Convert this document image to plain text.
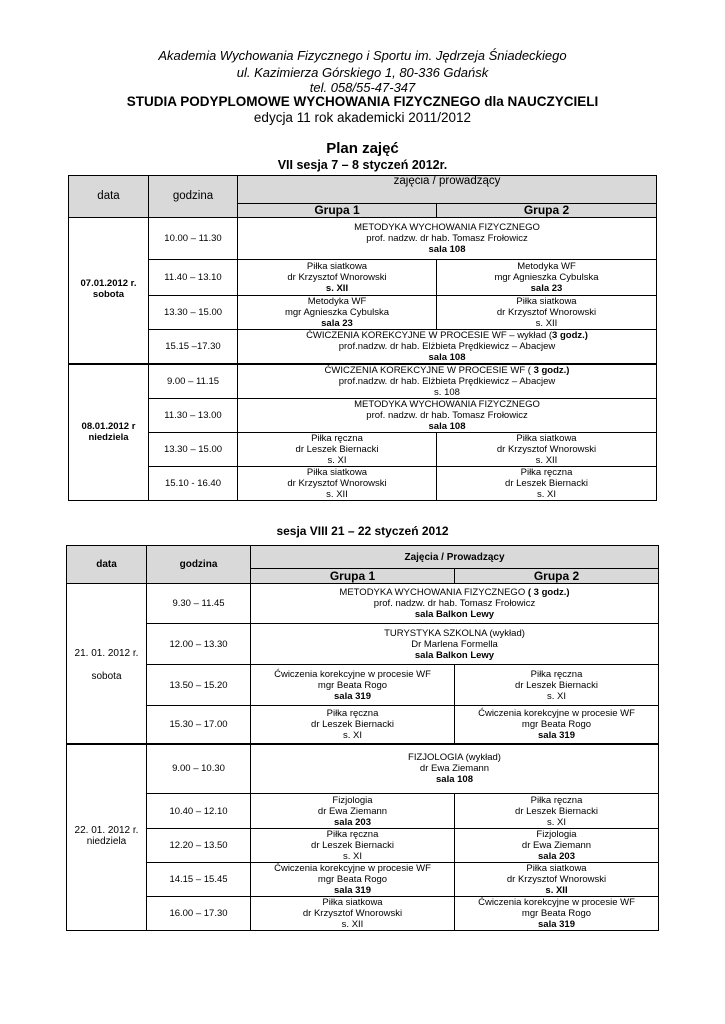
Akademia Wychowania Fizycznego i Sportu im. Jędrzeja Śniadeckiego
ul. Kazimierza Górskiego 1, 80-336 Gdańsk
tel. 058/55-47-347
STUDIA PODYPLOMOWE WYCHOWANIA FIZYCZNEGO dla NAUCZYCIELI
edycja 11 rok akademicki 2011/2012
Plan zajęć
VII sesja 7 – 8 styczeń 2012r.
data	godzina	zajęcia / prowadzący	
		Grupa 1	Grupa 2

07.01.2012 r.
sobota	10.00 – 11.30	METODYKA WYCHOWANIA FIZYCZNEGO
prof. nadzw. dr hab. Tomasz Frołowicz
sala 108	

	11.40 – 13.10	Piłka siatkowa
dr Krzysztof Wnorowski
s. XII	Metodyka WF
mgr Agnieszka Cybulska
sala 23

	13.30 – 15.00	Metodyka WF
mgr Agnieszka Cybulska
sala 23	Piłka siatkowa
dr Krzysztof Wnorowski
s. XII

	15.15 –17.30	ĆWICZENIA KOREKCYJNE W PROCESIE WF – wykład (3 godz.)
prof.nadzw. dr hab. Elżbieta Prędkiewicz – Abacjew
sala 108	

08.01.2012 r
niedziela	9.00 – 11.15	ĆWICZENIA KOREKCYJNE W PROCESIE WF ( 3 godz.)
prof.nadzw. dr hab. Elżbieta Prędkiewicz – Abacjew
s. 108	

	11.30 – 13.00	METODYKA WYCHOWANIA FIZYCZNEGO
prof. nadzw. dr hab. Tomasz Frołowicz
sala 108	

	13.30 – 15.00	Piłka ręczna
dr Leszek Biernacki
s. XI	Piłka siatkowa
dr Krzysztof Wnorowski
s. XII

	15.10 - 16.40	Piłka siatkowa
dr Krzysztof Wnorowski
s. XII	Piłka ręczna
dr Leszek Biernacki
s. XI
sesja VIII 21 – 22 styczeń 2012
data	godzina	Zajęcia / Prowadzący	
		Grupa 1	Grupa 2

21. 01. 2012 r.
sobota	9.30 – 11.45	METODYKA WYCHOWANIA FIZYCZNEGO ( 3 godz.)
prof. nadzw. dr hab. Tomasz Frołowicz
sala Balkon Lewy	

	12.00 – 13.30	TURYSTYKA SZKOLNA (wykład)
Dr Marlena Formella
sala Balkon Lewy	

	13.50 – 15.20	Ćwiczenia korekcyjne w procesie WF
mgr Beata Rogo
sala 319	Piłka ręczna
dr Leszek Biernacki
s. XI

	15.30 – 17.00	Piłka ręczna
dr Leszek Biernacki
s. XI	Ćwiczenia korekcyjne w procesie WF
mgr Beata Rogo
sala 319

22. 01. 2012 r.
niedziela	9.00 – 10.30	FIZJOLOGIA (wykład)
dr Ewa Ziemann
sala 108	

	10.40 – 12.10	Fizjologia
dr Ewa Ziemann
sala 203	Piłka ręczna
dr Leszek Biernacki
s. XI

	12.20 – 13.50	Piłka ręczna
dr Leszek Biernacki
s. XI	Fizjologia
dr Ewa Ziemann
sala 203

	14.15 – 15.45	Ćwiczenia korekcyjne w procesie WF
mgr Beata Rogo
sala 319	Piłka siatkowa
dr Krzysztof Wnorowski
s. XII

	16.00 – 17.30	Piłka siatkowa
dr Krzysztof Wnorowski
s. XII	Ćwiczenia korekcyjne w procesie WF
mgr Beata Rogo
sala 319
